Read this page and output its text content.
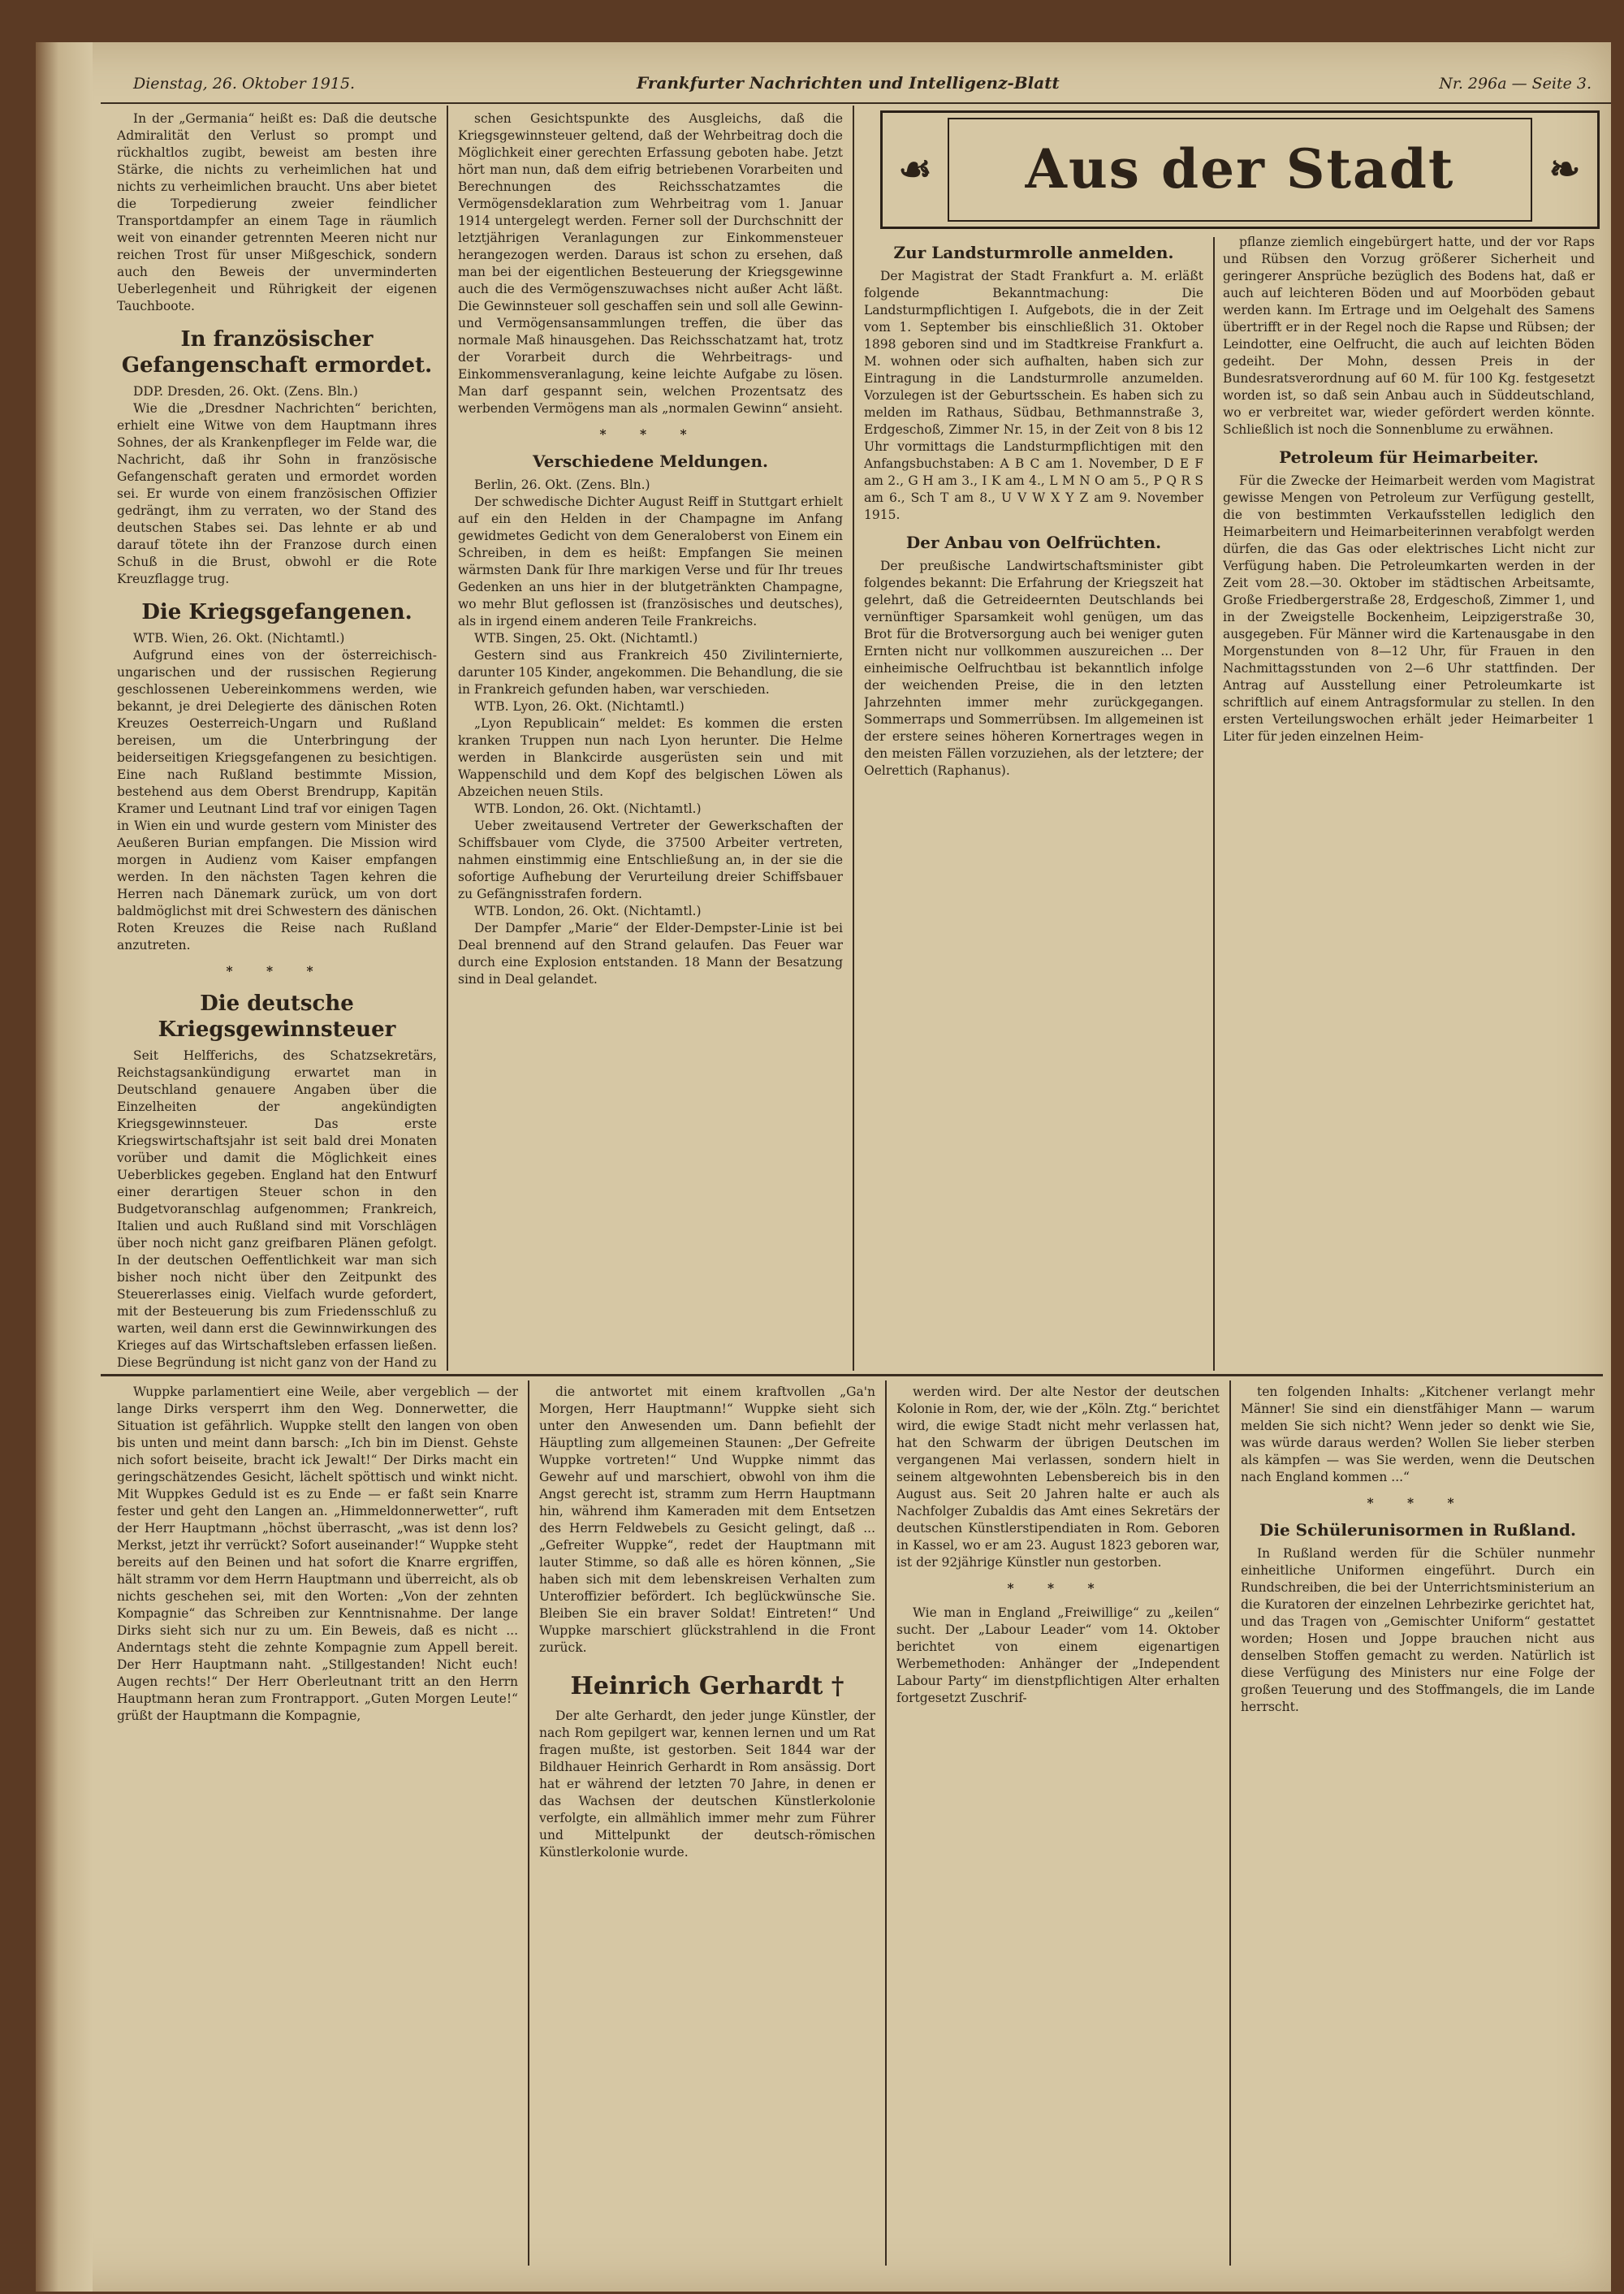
Dienstag, 26. Oktober 1915.	Frankfurter Nachrichten und Intelligenz-Blatt	Nr. 296a — Seite 3.

In der „Germania“ heißt es: Daß die deutsche Admiralität den Verlust so prompt und rückhaltlos zugibt, beweist am besten ihre Stärke, die nichts zu verheimlichen hat und nichts zu verheimlichen braucht. Uns aber bietet die Torpedierung zweier feindlicher Transportdampfer an einem Tage in räumlich weit von einander getrennten Meeren nicht nur reichen Trost für unser Mißgeschick, sondern auch den Beweis der unverminderten Ueberlegenheit und Rührigkeit der eigenen Tauchboote.

In französischer Gefangenschaft ermordet.

DDP. Dresden, 26. Okt. (Zens. Bln.)

Wie die „Dresdner Nachrichten“ berichten, erhielt eine Witwe von dem Hauptmann ihres Sohnes, der als Krankenpfleger im Felde war, die Nachricht, daß ihr Sohn in französische Gefangenschaft geraten und ermordet worden sei. Er wurde von einem französischen Offizier gedrängt, ihm zu verraten, wo der Stand des deutschen Stabes sei. Das lehnte er ab und darauf tötete ihn der Franzose durch einen Schuß in die Brust, obwohl er die Rote Kreuzflagge trug.

Die Kriegsgefangenen.

WTB. Wien, 26. Okt. (Nichtamtl.)

Aufgrund eines von der österreichisch-ungarischen und der russischen Regierung geschlossenen Uebereinkommens werden, wie bekannt, je drei Delegierte des dänischen Roten Kreuzes Oesterreich-Ungarn und Rußland bereisen, um die Unterbringung der beiderseitigen Kriegsgefangenen zu besichtigen. Eine nach Rußland bestimmte Mission, bestehend aus dem Oberst Brendrupp, Kapitän Kramer und Leutnant Lind traf vor einigen Tagen in Wien ein und wurde gestern vom Minister des Aeußeren Burian empfangen. Die Mission wird morgen in Audienz vom Kaiser empfangen werden. In den nächsten Tagen kehren die Herren nach Dänemark zurück, um von dort baldmöglichst mit drei Schwestern des dänischen Roten Kreuzes die Reise nach Rußland anzutreten.

* * *
Die deutsche Kriegsgewinnsteuer

Seit Helfferichs, des Schatzsekretärs, Reichstagsankündigung erwartet man in Deutschland genauere Angaben über die Einzelheiten der angekündigten Kriegsgewinnsteuer. Das erste Kriegswirtschaftsjahr ist seit bald drei Monaten vorüber und damit die Möglichkeit eines Ueberblickes gegeben. England hat den Entwurf einer derartigen Steuer schon in den Budgetvoranschlag aufgenommen; Frankreich, Italien und auch Rußland sind mit Vorschlägen über noch nicht ganz greifbaren Plänen gefolgt. In der deutschen Oeffentlichkeit war man sich bisher noch nicht über den Zeitpunkt des Steuererlasses einig. Vielfach wurde gefordert, mit der Besteuerung bis zum Friedensschluß zu warten, weil dann erst die Gewinnwirkungen des Krieges auf das Wirtschaftsleben erfassen ließen. Diese Begründung ist nicht ganz von der Hand zu

schen Gesichtspunkte des Ausgleichs, daß die Kriegsgewinnsteuer geltend, daß der Wehrbeitrag doch die Möglichkeit einer gerechten Erfassung geboten habe. Jetzt hört man nun, daß dem eifrig betriebenen Vorarbeiten und Berechnungen des Reichsschatzamtes die Vermögensdeklaration zum Wehrbeitrag vom 1. Januar 1914 untergelegt werden. Ferner soll der Durchschnitt der letztjährigen Veranlagungen zur Einkommensteuer herangezogen werden. Daraus ist schon zu ersehen, daß man bei der eigentlichen Besteuerung der Kriegsgewinne auch die des Vermögenszuwachses nicht außer Acht läßt. Die Gewinnsteuer soll geschaffen sein und soll alle Gewinn- und Vermögensansammlungen treffen, die über das normale Maß hinausgehen. Das Reichsschatzamt hat, trotz der Vorarbeit durch die Wehrbeitrags- und Einkommensveranlagung, keine leichte Aufgabe zu lösen. Man darf gespannt sein, welchen Prozentsatz des werbenden Vermögens man als „normalen Gewinn“ ansieht.

* * *
Verschiedene Meldungen.

Berlin, 26. Okt. (Zens. Bln.)

Der schwedische Dichter August Reiff in Stuttgart erhielt auf ein den Helden in der Champagne im Anfang gewidmetes Gedicht von dem Generaloberst von Einem ein Schreiben, in dem es heißt: Empfangen Sie meinen wärmsten Dank für Ihre markigen Verse und für Ihr treues Gedenken an uns hier in der blutgetränkten Champagne, wo mehr Blut geflossen ist (französisches und deutsches), als in irgend einem anderen Teile Frankreichs.

WTB. Singen, 25. Okt. (Nichtamtl.)

Gestern sind aus Frankreich 450 Zivilinternierte, darunter 105 Kinder, angekommen. Die Behandlung, die sie in Frankreich gefunden haben, war verschieden.

WTB. Lyon, 26. Okt. (Nichtamtl.)

„Lyon Republicain“ meldet: Es kommen die ersten kranken Truppen nun nach Lyon herunter. Die Helme werden in Blankcirde ausgerüsten sein und mit Wappenschild und dem Kopf des belgischen Löwen als Abzeichen neuen Stils.

WTB. London, 26. Okt. (Nichtamtl.)

Ueber zweitausend Vertreter der Gewerkschaften der Schiffsbauer vom Clyde, die 37500 Arbeiter vertreten, nahmen einstimmig eine Entschließung an, in der sie die sofortige Aufhebung der Verurteilung dreier Schiffsbauer zu Gefängnisstrafen fordern.

WTB. London, 26. Okt. (Nichtamtl.)

Der Dampfer „Marie“ der Elder-Dempster-Linie ist bei Deal brennend auf den Strand gelaufen. Das Feuer war durch eine Explosion entstanden. 18 Mann der Besatzung sind in Deal gelandet.

☙	Aus der Stadt	❧
Zur Landsturmrolle anmelden.

Der Magistrat der Stadt Frankfurt a. M. erläßt folgende Bekanntmachung: Die Landsturmpflichtigen I. Aufgebots, die in der Zeit vom 1. September bis einschließlich 31. Oktober 1898 geboren sind und im Stadtkreise Frankfurt a. M. wohnen oder sich aufhalten, haben sich zur Eintragung in die Landsturmrolle anzumelden. Vorzulegen ist der Geburtsschein. Es haben sich zu melden im Rathaus, Südbau, Bethmannstraße 3, Erdgeschoß, Zimmer Nr. 15, in der Zeit von 8 bis 12 Uhr vormittags die Landsturmpflichtigen mit den Anfangsbuchstaben: A B C am 1. November, D E F am 2., G H am 3., I K am 4., L M N O am 5., P Q R S am 6., Sch T am 8., U V W X Y Z am 9. November 1915.

Der Anbau von Oelfrüchten.

Der preußische Landwirtschaftsminister gibt folgendes bekannt: Die Erfahrung der Kriegszeit hat gelehrt, daß die Getreideernten Deutschlands bei vernünftiger Sparsamkeit wohl genügen, um das Brot für die Brotversorgung auch bei weniger guten Ernten nicht nur vollkommen auszureichen ... Der einheimische Oelfruchtbau ist bekanntlich infolge der weichenden Preise, die in den letzten Jahrzehnten immer mehr zurückgegangen. Sommerraps und Sommerrübsen. Im allgemeinen ist der erstere seines höheren Kornertrages wegen in den meisten Fällen vorzuziehen, als der letztere; der Oelrettich (Raphanus).

pflanze ziemlich eingebürgert hatte, und der vor Raps und Rübsen den Vorzug größerer Sicherheit und geringerer Ansprüche bezüglich des Bodens hat, daß er auch auf leichteren Böden und auf Moorböden gebaut werden kann. Im Ertrage und im Oelgehalt des Samens übertrifft er in der Regel noch die Rapse und Rübsen; der Leindotter, eine Oelfrucht, die auch auf leichten Böden gedeiht. Der Mohn, dessen Preis in der Bundesratsverordnung auf 60 M. für 100 Kg. festgesetzt worden ist, so daß sein Anbau auch in Süddeutschland, wo er verbreitet war, wieder gefördert werden könnte. Schließlich ist noch die Sonnenblume zu erwähnen.

Petroleum für Heimarbeiter.

Für die Zwecke der Heimarbeit werden vom Magistrat gewisse Mengen von Petroleum zur Verfügung gestellt, die von bestimmten Verkaufsstellen lediglich den Heimarbeitern und Heimarbeiterinnen verabfolgt werden dürfen, die das Gas oder elektrisches Licht nicht zur Verfügung haben. Die Petroleumkarten werden in der Zeit vom 28.—30. Oktober im städtischen Arbeitsamte, Große Friedbergerstraße 28, Erdgeschoß, Zimmer 1, und in der Zweigstelle Bockenheim, Leipzigerstraße 30, ausgegeben. Für Männer wird die Kartenausgabe in den Morgenstunden von 8—12 Uhr, für Frauen in den Nachmittagsstunden von 2—6 Uhr stattfinden. Der Antrag auf Ausstellung einer Petroleumkarte ist schriftlich auf einem Antragsformular zu stellen. In den ersten Verteilungswochen erhält jeder Heimarbeiter 1 Liter für jeden einzelnen Heim-

Wuppke parlamentiert eine Weile, aber vergeblich — der lange Dirks versperrt ihm den Weg. Donnerwetter, die Situation ist gefährlich. Wuppke stellt den langen von oben bis unten und meint dann barsch: „Ich bin im Dienst. Gehste nich sofort beiseite, bracht ick Jewalt!“ Der Dirks macht ein geringschätzendes Gesicht, lächelt spöttisch und winkt nicht. Mit Wuppkes Geduld ist es zu Ende — er faßt sein Knarre fester und geht den Langen an. „Himmeldonnerwetter“, ruft der Herr Hauptmann „höchst überrascht, „was ist denn los? Merkst, jetzt ihr verrückt? Sofort auseinander!“ Wuppke steht bereits auf den Beinen und hat sofort die Knarre ergriffen, hält stramm vor dem Herrn Hauptmann und überreicht, als ob nichts geschehen sei, mit den Worten: „Von der zehnten Kompagnie“ das Schreiben zur Kenntnisnahme. Der lange Dirks sieht sich nur zu um. Ein Beweis, daß es nicht ... Anderntags steht die zehnte Kompagnie zum Appell bereit. Der Herr Hauptmann naht. „Stillgestanden! Nicht euch! Augen rechts!“ Der Herr Oberleutnant tritt an den Herrn Hauptmann heran zum Frontrapport. „Guten Morgen Leute!“ grüßt der Hauptmann die Kompagnie,

die antwortet mit einem kraftvollen „Ga'n Morgen, Herr Hauptmann!“ Wuppke sieht sich unter den Anwesenden um. Dann befiehlt der Häuptling zum allgemeinen Staunen: „Der Gefreite Wuppke vortreten!“ Und Wuppke nimmt das Gewehr auf und marschiert, obwohl von ihm die Angst gerecht ist, stramm zum Herrn Hauptmann hin, während ihm Kameraden mit dem Entsetzen des Herrn Feldwebels zu Gesicht gelingt, daß ... „Gefreiter Wuppke“, redet der Hauptmann mit lauter Stimme, so daß alle es hören können, „Sie haben sich mit dem lebenskreisen Verhalten zum Unteroffizier befördert. Ich beglückwünsche Sie. Bleiben Sie ein braver Soldat! Eintreten!“ Und Wuppke marschiert glückstrahlend in die Front zurück.

Heinrich Gerhardt †

Der alte Gerhardt, den jeder junge Künstler, der nach Rom gepilgert war, kennen lernen und um Rat fragen mußte, ist gestorben. Seit 1844 war der Bildhauer Heinrich Gerhardt in Rom ansässig. Dort hat er während der letzten 70 Jahre, in denen er das Wachsen der deutschen Künstlerkolonie verfolgte, ein allmählich immer mehr zum Führer und Mittelpunkt der deutsch-römischen Künstlerkolonie wurde.

werden wird. Der alte Nestor der deutschen Kolonie in Rom, der, wie der „Köln. Ztg.“ berichtet wird, die ewige Stadt nicht mehr verlassen hat, hat den Schwarm der übrigen Deutschen im vergangenen Mai verlassen, sondern hielt in seinem altgewohnten Lebensbereich bis in den August aus. Seit 20 Jahren halte er auch als Nachfolger Zubaldis das Amt eines Sekretärs der deutschen Künstlerstipendiaten in Rom. Geboren in Kassel, wo er am 23. August 1823 geboren war, ist der 92jährige Künstler nun gestorben.

* * *

Wie man in England „Freiwillige“ zu „keilen“ sucht. Der „Labour Leader“ vom 14. Oktober berichtet von einem eigenartigen Werbemethoden: Anhänger der „Independent Labour Party“ im dienstpflichtigen Alter erhalten fortgesetzt Zuschrif-

ten folgenden Inhalts: „Kitchener verlangt mehr Männer! Sie sind ein dienstfähiger Mann — warum melden Sie sich nicht? Wenn jeder so denkt wie Sie, was würde daraus werden? Wollen Sie lieber sterben als kämpfen — was Sie werden, wenn die Deutschen nach England kommen ...“

* * *
Die Schülerunisormen in Rußland.

In Rußland werden für die Schüler nunmehr einheitliche Uniformen eingeführt. Durch ein Rundschreiben, die bei der Unterrichtsministerium an die Kuratoren der einzelnen Lehrbezirke gerichtet hat, und das Tragen von „Gemischter Uniform“ gestattet worden; Hosen und Joppe brauchen nicht aus denselben Stoffen gemacht zu werden. Natürlich ist diese Verfügung des Ministers nur eine Folge der großen Teuerung und des Stoffmangels, die im Lande herrscht.
